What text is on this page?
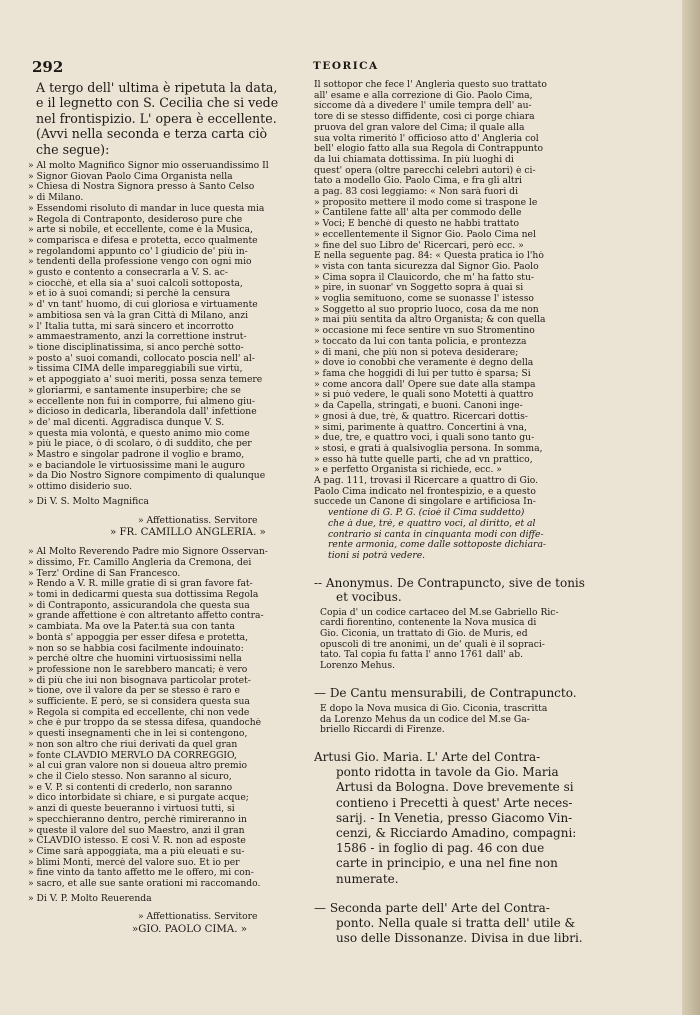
292	TEORICA
A tergo dell' ultima è ripetuta la data,
e il legnetto con S. Cecilia che si vede
nel frontispizio. L' opera è eccellente.
(Avvi nella seconda e terza carta ciò
che segue):
» Al molto Magnifico Signor mio osseruandissimo Il
» Signor Giovan Paolo Cima Organista nella
» Chiesa di Nostra Signora presso à Santo Celso
» di Milano.
» Essendomi risoluto di mandar in luce questa mia
» Regola di Contraponto, desideroso pure che
» arte si nobile, et eccellente, come è la Musica,
» comparisca e difesa e protetta, ecco qualmente
» regolandomi appunto co' l giudicio de' più in-
» tendenti della professione vengo con ogni mio
» gusto e contento a consecrarla a V. S. ac-
» ciocchè, et ella sia a' suoi calcoli sottoposta,
» et io à suoi comandi; si perchè la censura
» d' vn tant' huomo, di cui gloriosa e virtuamente
» ambitiosa sen và la gran Città di Milano, anzi
» l' Italia tutta, mi sarà sincero et incorrotto
» ammaestramento, anzi la correttione instrut-
» tione disciplinatissima, si anco perchè sotto-
» posto a' suoi comandi, collocato poscia nell' al-
» tissima CIMA delle impareggiabili sue virtù,
» et appoggiato a' suoi meriti, possa senza temere
» gloriarmi, e santamente insuperbire; che se
» eccellente non fui in comporre, fui almeno giu-
» dicioso in dedicarla, liberandola dall' infettione
» de' mal dicenti. Aggradisca dunque V. S.
» questa mia volontà, e questo animo mio come
» più le piace, ò di scolaro, ò di suddito, che per
» Mastro e singolar padrone il voglio e bramo,
» e baciandole le virtuosissime mani le auguro
» da Dio Nostro Signore compimento di qualunque
» ottimo disiderio suo.
» Di V. S. Molto Magnifica
» Affettionatiss. Servitore
» FR. CAMILLO ANGLERIA. »
» Al Molto Reverendo Padre mio Signore Osservan-
» dissimo, Fr. Camillo Angleria da Cremona, dei
» Terz' Ordine di San Francesco.
» Rendo a V. R. mille gratie di si gran favore fat-
» tomi in dedicarmi questa sua dottissima Regola
» di Contraponto, assicurandola che questa sua
» grande affettione è con altretanto affetto contra-
» cambiata. Ma ove la Pater.tà sua con tanta
» bontà s' appoggia per esser difesa e protetta,
» non so se habbia così facilmente indouinato:
» perchè oltre che huomini virtuosissimi nella
» professione non le sarebbero mancati; è vero
» di più che iui non bisognava particolar protet-
» tione, ove il valore da per se stesso è raro e
» sufficiente. E però, se si considera questa sua
» Regola si compita ed eccellente, chi non vede
» che è pur troppo da se stessa difesa, quandochè
» questi insegnamenti che in lei si contengono,
» non son altro che riui derivati da quel gran
» fonte CLAVDIO MERVLO DA CORREGGIO,
» al cui gran valore non si doueua altro premio
» che il Cielo stesso. Non saranno al sicuro,
» e V. P. si contenti di crederlo, non saranno
» dico intorbidate sì chiare, e si purgate acque;
» anzi di queste beueranno i virtuosi tutti, si
» specchieranno dentro, perchè rimireranno in
» queste il valore del suo Maestro, anzi il gran
» CLAVDIO istesso. E così V. R. non ad esposte
» Cime sarà appoggiata, ma a più eleuati e su-
» blimi Monti, mercè del valore suo. Et io per
» fine vinto da tanto affetto me le offero, mi con-
» sacro, et alle sue sante orationi mi raccomando.
» Di V. P. Molto Reuerenda
» Affettionatiss. Servitore
»GIO. PAOLO CIMA. »
Il sottopor che fece l' Angleria questo suo trattato
all' esame e alla correzione di Gio. Paolo Cima,
siccome dà a divedere l' umile tempra dell' au-
tore di se stesso diffidente, così ci porge chiara
pruova del gran valore del Cima; il quale alla
sua volta rimeritò l' officioso atto d' Angleria col
bell' elogio fatto alla sua Regola di Contrappunto
da lui chiamata dottissima. In più luoghi di
quest' opera (oltre parecchi celebri autori) è ci-
tato a modello Gio. Paolo Cima, e fra gli altri
a pag. 83 così leggiamo: « Non sarà fuori di
» proposito mettere il modo come si traspone le
» Cantilene fatte all' alta per commodo delle
» Voci; E benchè di questo ne habbi trattato
» eccellentemente il Signor Gio. Paolo Cima nel
» fine del suo Libro de' Ricercari, però ecc. »
E nella seguente pag. 84: « Questa pratica io l'hò
» vista con tanta sicurezza dal Signor Gio. Paolo
» Cima sopra il Clauicordo, che m' ha fatto stu-
» pire, in suonar' vn Soggetto sopra à quai si
» voglia semituono, come se suonasse l' istesso
» Soggetto al suo proprio luoco, cosa da me non
» mai più sentita da altro Organista; & con quella
» occasione mi fece sentire vn suo Stromentino
» toccato da lui con tanta policia, e prontezza
» di mani, che più non si poteva desiderare;
» dove io conobbi che veramente è degno della
» fama che hoggidì di lui per tutto è sparsa; Si
» come ancora dall' Opere sue date alla stampa
» si può vedere, le quali sono Motetti à quattro
» da Capella, stringati, e buoni. Canoni inge-
» gnosi à due, trè, & quattro. Ricercari dottis-
» simi, parimente à quattro. Concertini à vna,
» due, tre, e quattro voci, i quali sono tanto gu-
» stosi, e grati à qualsivoglia persona. In somma,
» esso hà tutte quelle parti, che ad vn prattico,
» e perfetto Organista si richiede, ecc. »
A pag. 111, trovasi il Ricercare a quattro di Gio.
Paolo Cima indicato nel frontespizio, e a questo
succede un Canone di singolare e artificiosa In-
ventione di G. P. G. (cioè il Cima suddetto)
che à due, trè, e quattro voci, al diritto, et al
contrario si canta in cinquanta modi con diffe-
rente armonia, come dalle sottoposte dichiara-
tioni si potrà vedere.
-- Anonymus. De Contrapuncto, sive de tonis
et vocibus.
Copia d' un codice cartaceo del M.se Gabriello Ric-
cardi fiorentino, contenente la Nova musica di
Gio. Ciconia, un trattato di Gio. de Muris, ed
opuscoli di tre anonimi, un de' quali è il sopraci-
tato. Tal copia fu fatta l' anno 1761 dall' ab.
Lorenzo Mehus.
— De Cantu mensurabili, de Contrapuncto.
È dopo la Nova musica di Gio. Ciconia, trascritta
da Lorenzo Mehus da un codice del M.se Ga-
briello Riccardi di Firenze.
Artusi Gio. Maria. L' Arte del Contra-
ponto ridotta in tavole da Gio. Maria
Artusi da Bologna. Dove brevemente si
contieno i Precetti à quest' Arte neces-
sarij. - In Venetia, presso Giacomo Vin-
cenzi, & Ricciardo Amadino, compagni:
1586 - in foglio di pag. 46 con due
carte in principio, e una nel fine non
numerate.
— Seconda parte dell' Arte del Contra-
ponto. Nella quale si tratta dell' utile &
uso delle Dissonanze. Divisa in due libri.
